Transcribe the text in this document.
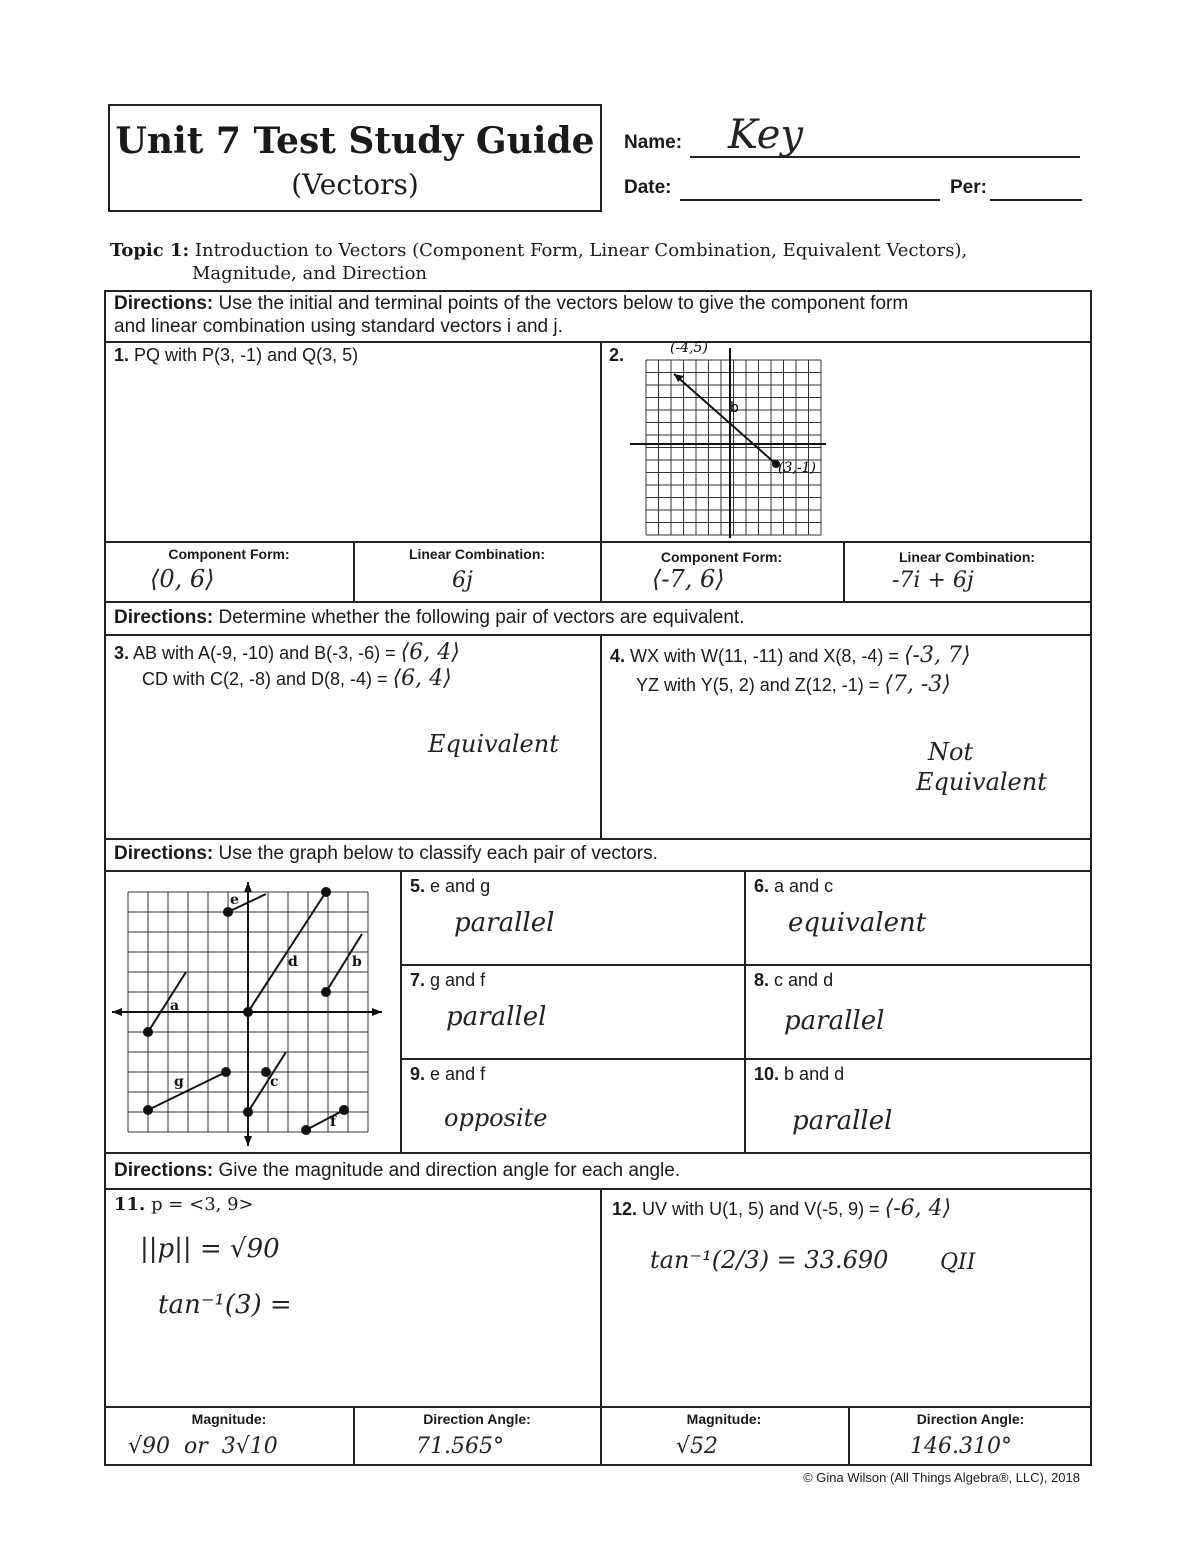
Unit 7 Test Study Guide
(Vectors)
Name: Key
Date:	Per:
Topic 1: Introduction to Vectors (Component Form, Linear Combination, Equivalent Vectors),
Magnitude, and Direction
Directions: Use the initial and terminal points of the vectors below to give the component form
and linear combination using standard vectors i and j.
1. PQ with P(3, -1) and Q(3, 5)	2.
b
(-4,5)
(3,-1)
Component Form:	Linear Combination:	Component Form:	Linear Combination:
⟨0, 6⟩	6j	⟨-7, 6⟩	-7i + 6j
Directions: Determine whether the following pair of vectors are equivalent.
3. AB with A(-9, -10) and B(-3, -6) = ⟨6, 4⟩
CD with C(2, -8) and D(8, -4) = ⟨6, 4⟩
Equivalent
4. WX with W(11, -11) and X(8, -4) = ⟨-3, 7⟩
YZ with Y(5, 2) and Z(12, -1) = ⟨7, -3⟩
Not
Equivalent
Directions: Use the graph below to classify each pair of vectors.
e
d	b
a
g	c
f
5. e and g
parallel
6. a and c
equivalent
7. g and f
parallel
8. c and d
parallel
9. e and f
opposite
10. b and d
parallel
Directions: Give the magnitude and direction angle for each angle.
11. p = <3, 9>
||p|| = √90
tan⁻¹(3) =
12. UV with U(1, 5) and V(-5, 9) = ⟨-6, 4⟩
tan⁻¹(2/3) = 33.690 QII
Magnitude:	Direction Angle:	Magnitude:	Direction Angle:
√90  or  3√10	71.565°	√52	146.310°
© Gina Wilson (All Things Algebra®, LLC), 2018
